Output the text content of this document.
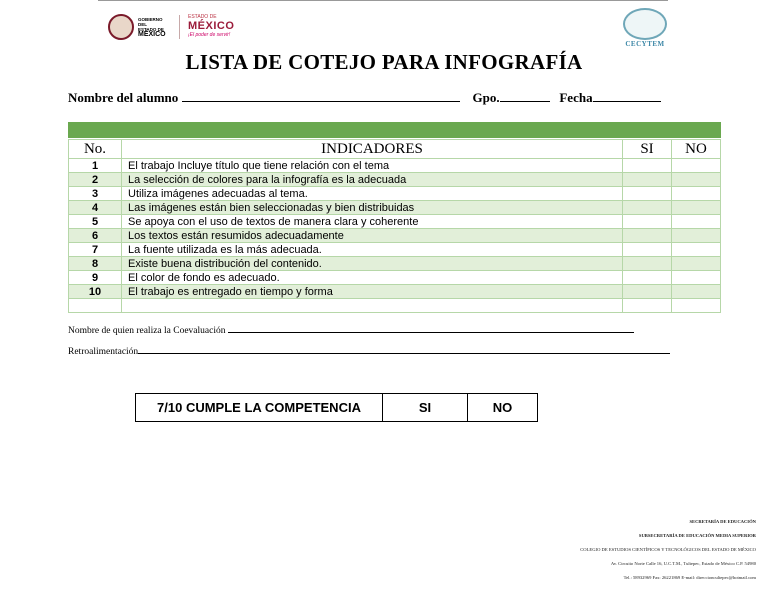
GOBIERNO DEL
ESTADO DE
MÉXICO
ESTADO DE
MÉXICO
¡El poder de servir!
CECYTEM
LISTA DE COTEJO PARA INFOGRAFÍA
Nombre del alumno	Gpo.	Fecha
No.	INDICADORES	SI	NO
1	El trabajo Incluye título que tiene relación con el tema		
2	La selección de colores para la infografía es la adecuada		
3	Utiliza imágenes adecuadas al tema.		
4	Las imágenes están bien seleccionadas y bien distribuidas		
5	Se apoya con el uso de textos de manera clara y coherente		
6	Los textos están resumidos adecuadamente		
7	La fuente utilizada es la más adecuada.		
8	Existe buena distribución del contenido.		
9	El color de fondo es adecuado.		
10	El trabajo es entregado en tiempo y forma		

Nombre de quien realiza la Coevaluación
Retroalimentación
7/10 CUMPLE LA COMPETENCIA	SI	NO
SECRETARÍA DE EDUCACIÓN
SUBSECRETARÍA DE EDUCACIÓN MEDIA SUPERIOR
COLEGIO DE ESTUDIOS CIENTÍFICOS Y TECNOLÓGICOS DEL ESTADO DE MÉXICO
Av. Circuito Norte Calle 16, U.C.T.M., Tultepec, Estado de México C.P. 54980
Tel.: 58932969 Fax: 26221869 E-mail: direccioncultepec@hotmail.com
